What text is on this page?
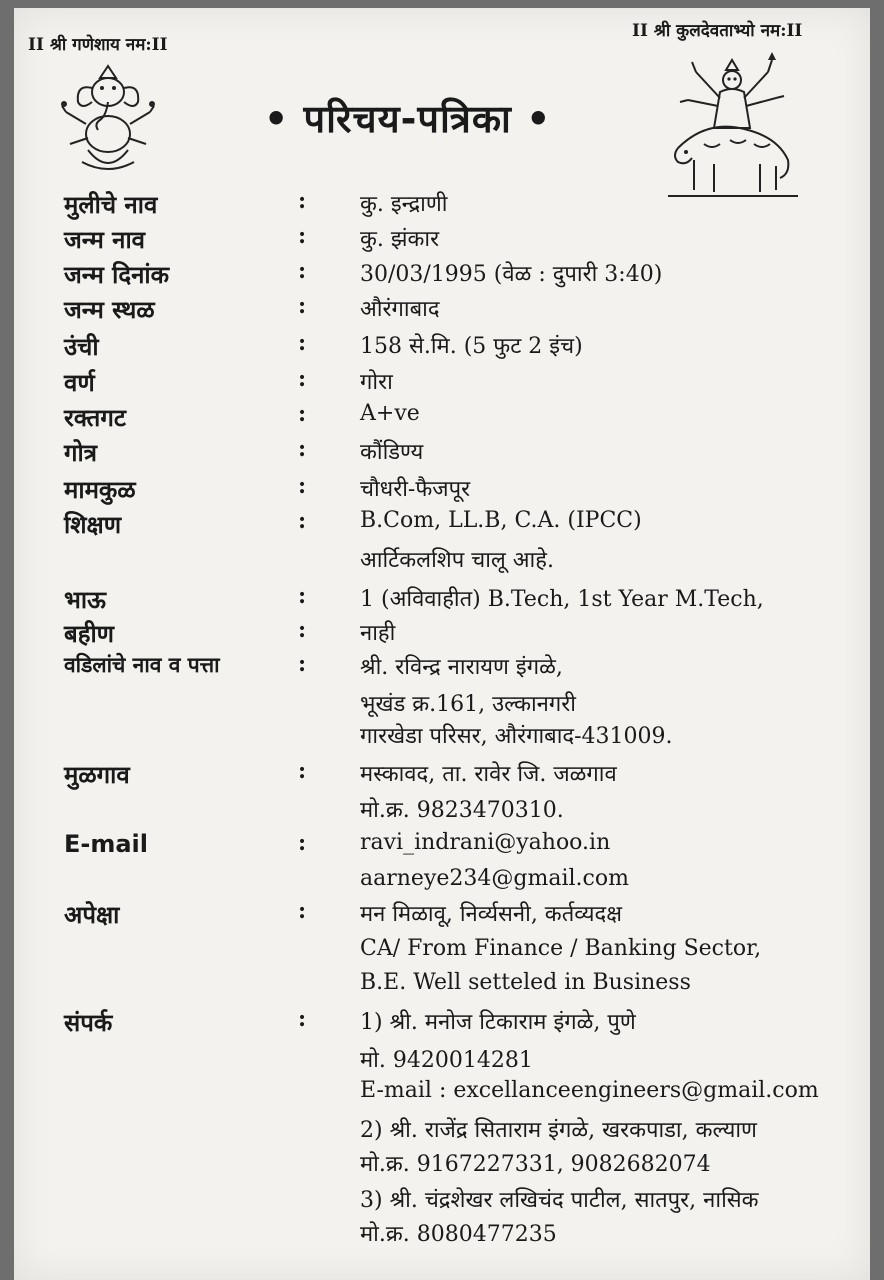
II श्री गणेशाय नम:II
II श्री कुलदेवताभ्यो नम:II
• परिचय-पत्रिका •
मुलीचे नाव	: कु. इन्द्राणी
जन्म नाव	: कु. झंकार
जन्म दिनांक	: 30/03/1995 (वेळ : दुपारी 3:40)
जन्म स्थळ	: औरंगाबाद
उंची	: 158 से.मि. (5 फुट 2 इंच)
वर्ण	: गोरा
रक्तगट	: A+ve
गोत्र	: कौंडिण्य
मामकुळ	: चौधरी-फैजपूर
शिक्षण	: B.Com, LL.B, C.A. (IPCC)
आर्टिकलशिप चालू आहे.
भाऊ	: 1 (अविवाहीत) B.Tech, 1st Year M.Tech,
बहीण	: नाही
वडिलांचे नाव व पत्ता	: श्री. रविन्द्र नारायण इंगळे,
भूखंड क्र.161, उल्कानगरी
गारखेडा परिसर, औरंगाबाद-431009.
मुळगाव	: मस्कावद, ता. रावेर जि. जळगाव
मो.क्र. 9823470310.
E-mail	: ravi_indrani@yahoo.in
aarneye234@gmail.com
अपेक्षा	: मन मिळावू, निर्व्यसनी, कर्तव्यदक्ष
CA/ From Finance / Banking Sector,
B.E. Well setteled in Business
संपर्क	: 1) श्री. मनोज टिकाराम इंगळे, पुणे
मो. 9420014281
E-mail : excellanceengineers@gmail.com
2) श्री. राजेंद्र सिताराम इंगळे, खरकपाडा, कल्याण
मो.क्र. 9167227331, 9082682074
3) श्री. चंद्रशेखर लखिचंद पाटील, सातपुर, नासिक
मो.क्र. 8080477235
